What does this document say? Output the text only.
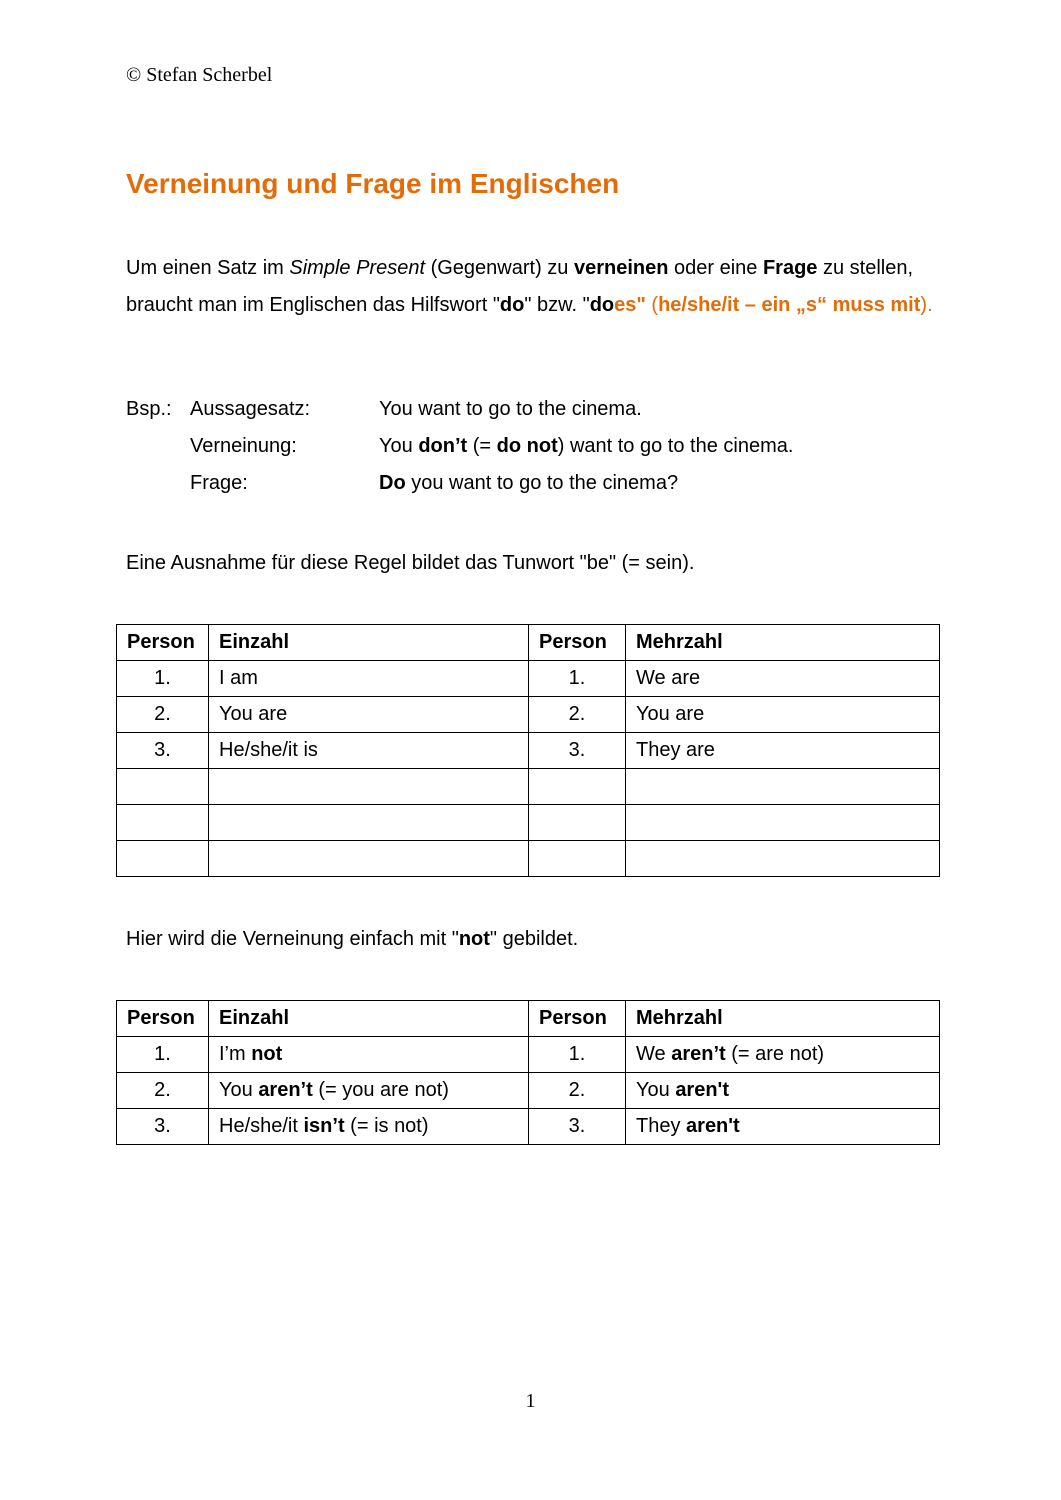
© Stefan Scherbel
Verneinung und Frage im Englischen
Um einen Satz im Simple Present (Gegenwart) zu verneinen oder eine Frage zu stellen, braucht man im Englischen das Hilfswort "do" bzw. "does" (he/she/it – ein „s“ muss mit).
Bsp.: Aussagesatz:	You want to go to the cinema.
Verneinung:	You don’t (= do not) want to go to the cinema.
Frage:	Do you want to go to the cinema?
Eine Ausnahme für diese Regel bildet das Tunwort "be" (= sein).
Person	Einzahl	Person	Mehrzahl
1.	I am	1.	We are
2.	You are	2.	You are
3.	He/she/it is	3.	They are

Hier wird die Verneinung einfach mit "not" gebildet.
Person	Einzahl	Person	Mehrzahl
1.	I’m not	1.	We aren’t (= are not)
2.	You aren’t (= you are not)	2.	You aren't
3.	He/she/it isn’t (= is not)	3.	They aren't
1
